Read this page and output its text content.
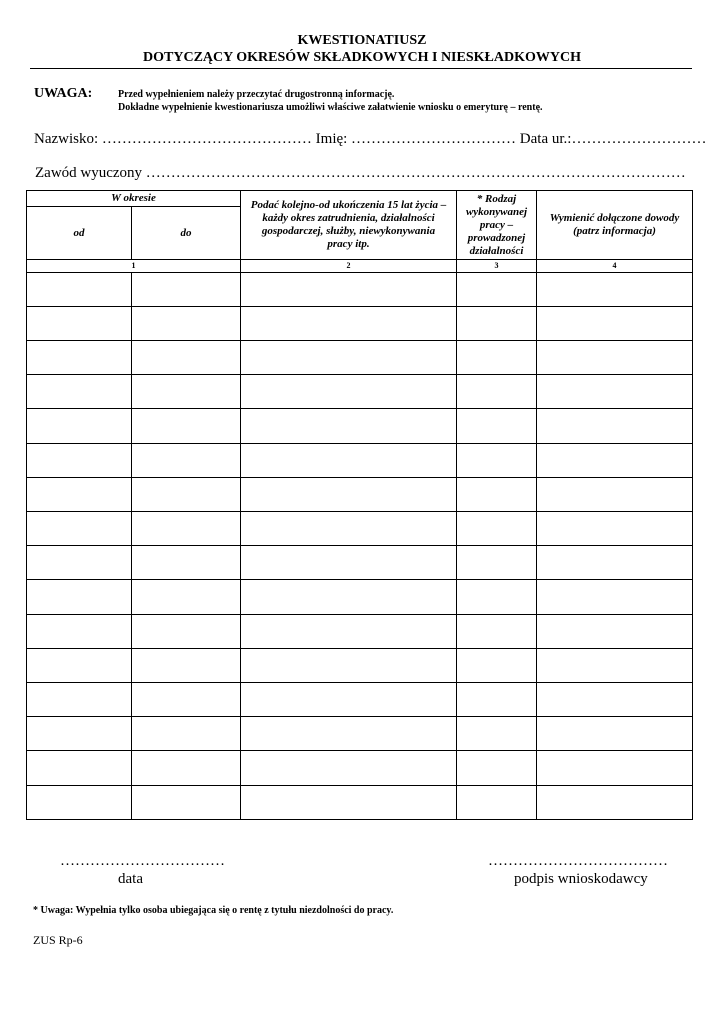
KWESTIONATIUSZ
DOTYCZĄCY OKRESÓW SKŁADKOWYCH I NIESKŁADKOWYCH
UWAGA:	Przed wypełnieniem należy przeczytać drugostronną informację.
Dokładne wypełnienie kwestionariusza umożliwi właściwe załatwienie wniosku o emeryturę – rentę.
Nazwisko: …………………………………… Imię: …………………………… Data ur.:………………………
Zawód wyuczony ………………………………………………………………………………………………
W okresie		Podać kolejno-od ukończenia 15 lat życia – każdy okres zatrudnienia, działalności gospodarczej, służby, niewykonywania pracy itp.	* Rodzaj wykonywanej pracy – prowadzonej działalności	Wymienić dołączone dowody (patrz informacja)
od	do			
1		2	3	4

……………………………
data
………………………………
podpis wnioskodawcy
* Uwaga: Wypełnia tylko osoba ubiegająca się o rentę z tytułu niezdolności do pracy.
ZUS Rp-6
